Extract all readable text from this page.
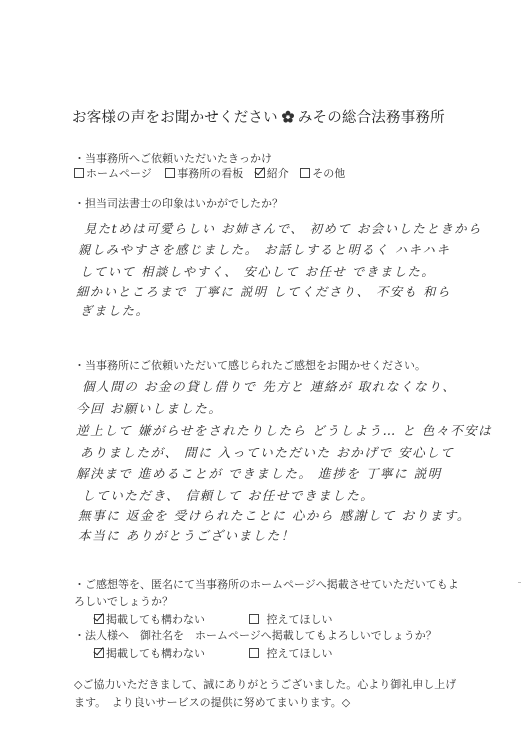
お客様の声をお聞かせください みその総合法務事務所
・当事務所へご依頼いただいたきっかけ
ホームページ 事務所の看板 紹介 その他
・担当司法書士の印象はいかがでしたか？
見たtめは可愛らしい お姉さんで、 初めて お会いしたときから
親しみやすさを感じました。 お話しすると明るく ハキハキ
していて 相談しやすく、 安心して お任せ できました。
細かいところまで 丁寧に 説明 してくださり、 不安も 和ら
ぎました。
・当事務所にご依頼いただいて感じられたご感想をお聞かせください。
個人間の お金の貸し借りで 先方と 連絡が 取れなくなり、
今回 お願いしました。
逆上して 嫌がらせをされたりしたら どうしよう… と 色々不安は
ありましたが、 間に 入っていただいた おかげで 安心して
解決まで 進めることが できました。 進捗を 丁寧に 説明
していただき、 信頼して お任せできました。
無事に 返金を 受けられたことに 心から 感謝して おります。
本当に ありがとうございました！
・ご感想等を、匿名にて当事務所のホームページへ掲載させていただいてもよ
ろしいでしょうか？
掲載しても構わない	控えてほしい
・法人様へ　御社名を　ホームページへ掲載してもよろしいでしょうか？
掲載しても構わない	控えてほしい
◇ご協力いただきまして、誠にありがとうございました。心より御礼申し上げ
ます。　より良いサービスの提供に努めてまいります。◇
